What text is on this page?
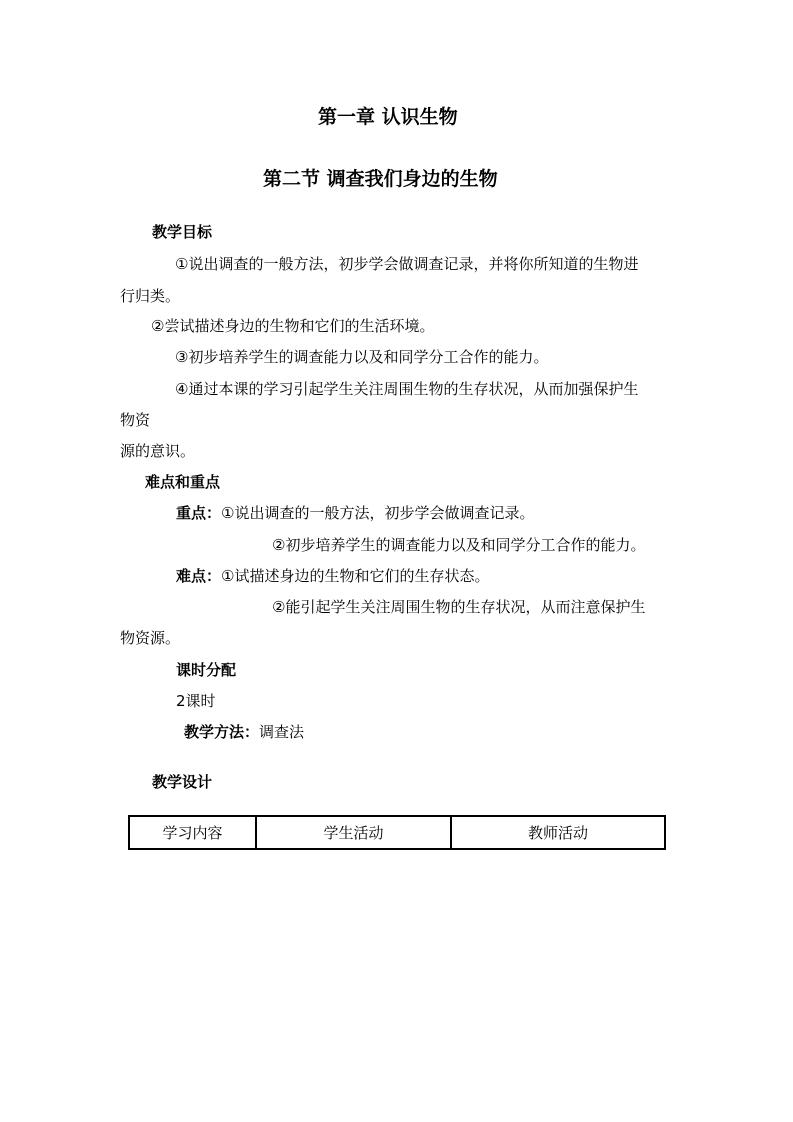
第一章 认识生物
第二节 调查我们身边的生物
教学目标
①说出调查的一般方法，初步学会做调查记录，并将你所知道的生物进
行归类。
②尝试描述身边的生物和它们的生活环境。
③初步培养学生的调查能力以及和同学分工合作的能力。
④通过本课的学习引起学生关注周围生物的生存状况，从而加强保护生
物资
源的意识。
难点和重点
重点：①说出调查的一般方法，初步学会做调查记录。
②初步培养学生的调查能力以及和同学分工合作的能力。
难点：①试描述身边的生物和它们的生存状态。
②能引起学生关注周围生物的生存状况，从而注意保护生
物资源。
课时分配
2课时
教学方法：调查法
教学设计
学习内容	学生活动	教师活动
